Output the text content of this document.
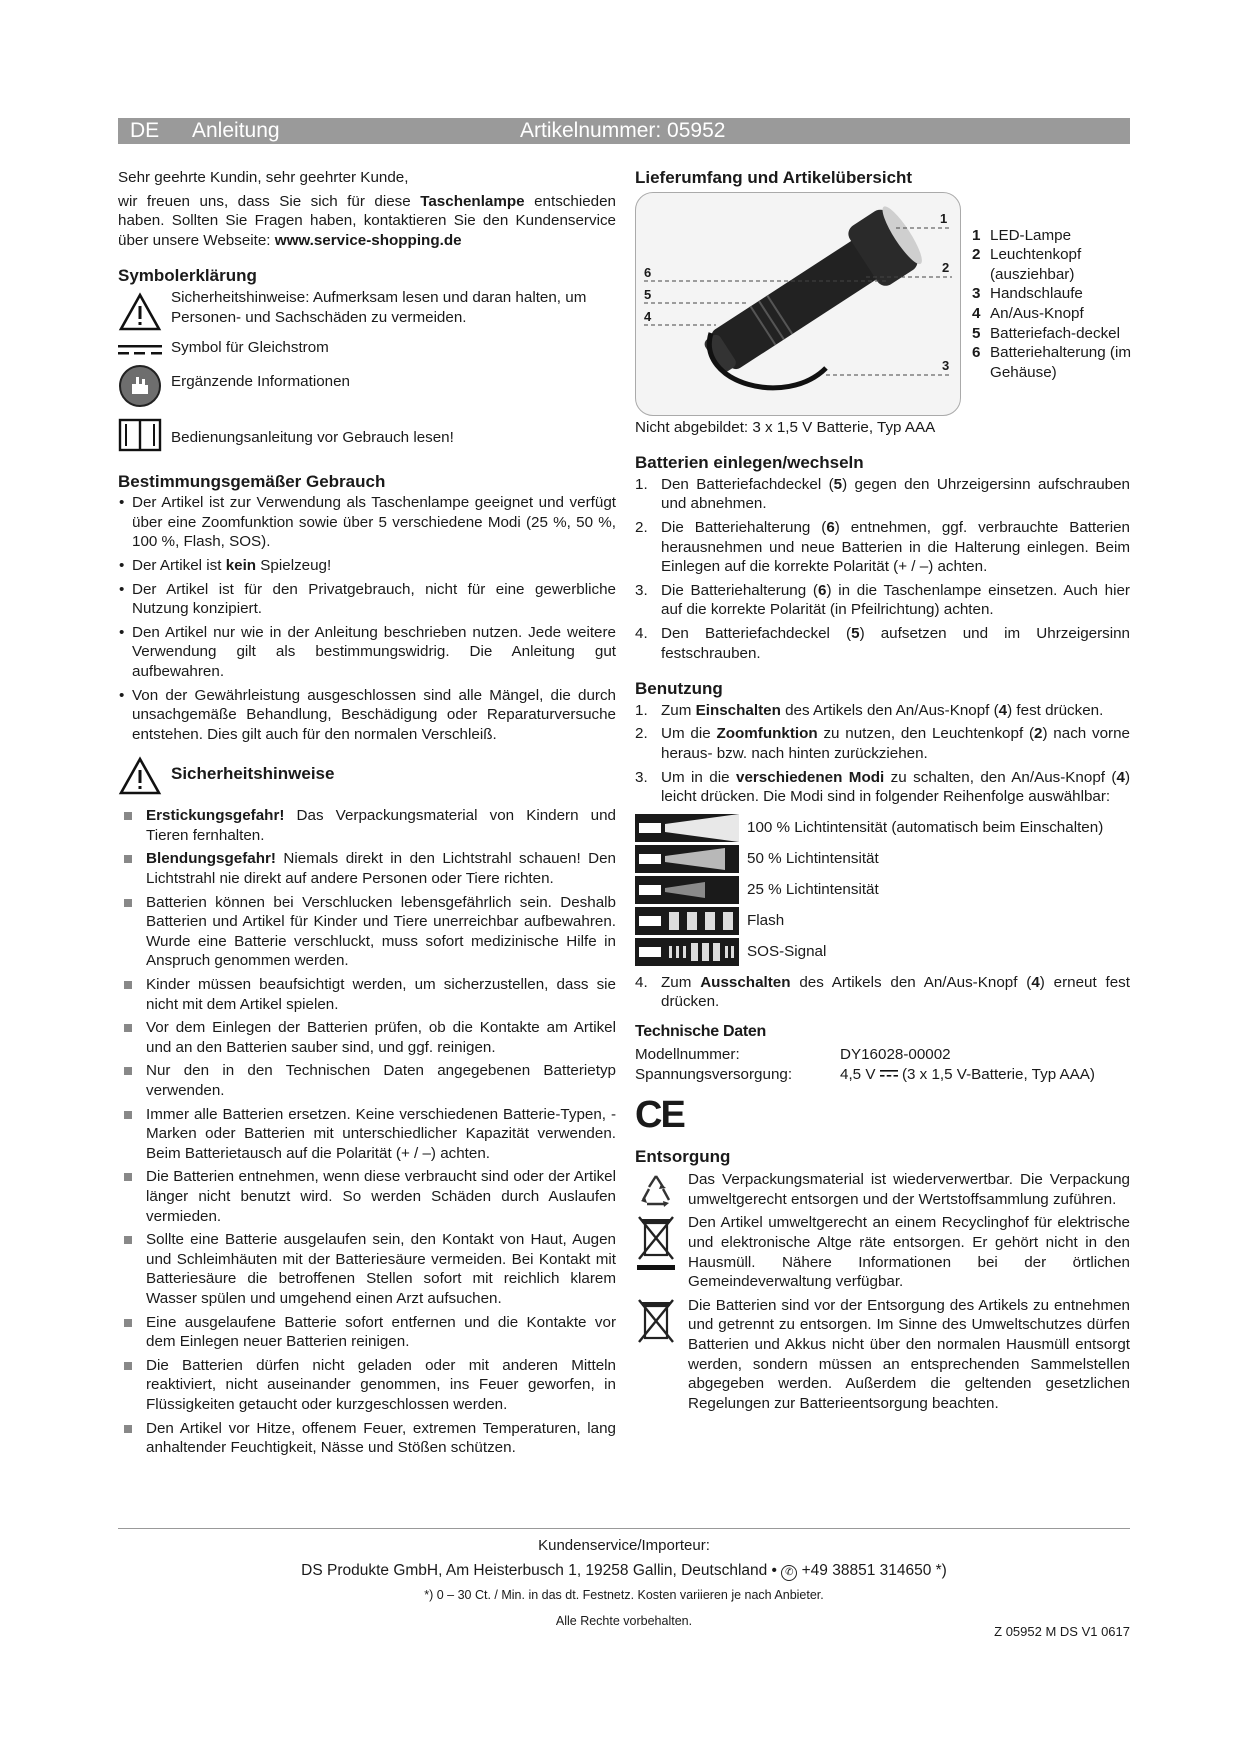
DE Anleitung	Artikelnummer: 05952

Sehr geehrte Kundin, sehr geehrter Kunde,

wir freuen uns, dass Sie sich für diese Taschenlampe entschieden haben. Sollten Sie Fragen haben, kontaktieren Sie den Kundenservice über unsere Webseite: www.service-shopping.de

Symbolerklärung

Sicherheitshinweise: Aufmerksam lesen und daran halten, um Personen- und Sachschäden zu vermeiden.

Symbol für Gleichstrom

Ergänzende Informationen

Bedienungsanleitung vor Gebrauch lesen!

Bestimmungsgemäßer Gebrauch
• Der Artikel ist zur Verwendung als Taschenlampe geeignet und verfügt über eine Zoomfunktion sowie über 5 verschiedene Modi (25 %, 50 %, 100 %, Flash, SOS).
• Der Artikel ist kein Spielzeug!
• Der Artikel ist für den Privatgebrauch, nicht für eine gewerbliche Nutzung konzipiert.
• Den Artikel nur wie in der Anleitung beschrieben nutzen. Jede weitere Verwendung gilt als bestimmungswidrig. Die Anleitung gut aufbewahren.
• Von der Gewährleistung ausgeschlossen sind alle Mängel, die durch unsachgemäße Behandlung, Beschädigung oder Reparaturversuche entstehen. Dies gilt auch für den normalen Verschleiß.
Sicherheitshinweise
Erstickungsgefahr! Das Verpackungsmaterial von Kindern und Tieren fernhalten.
Blendungsgefahr! Niemals direkt in den Lichtstrahl schauen! Den Lichtstrahl nie direkt auf andere Personen oder Tiere richten.
Batterien können bei Verschlucken lebensgefährlich sein. Deshalb Batterien und Artikel für Kinder und Tiere unerreichbar aufbewahren. Wurde eine Batterie verschluckt, muss sofort medizinische Hilfe in Anspruch genommen werden.
Kinder müssen beaufsichtigt werden, um sicherzustellen, dass sie nicht mit dem Artikel spielen.
Vor dem Einlegen der Batterien prüfen, ob die Kontakte am Artikel und an den Batterien sauber sind, und ggf. reinigen.
Nur den in den Technischen Daten angegebenen Batterietyp verwenden.
Immer alle Batterien ersetzen. Keine verschiedenen Batterie-Typen, -Marken oder Batterien mit unterschiedlicher Kapazität verwenden. Beim Batterietausch auf die Polarität (+ / –) achten.
Die Batterien entnehmen, wenn diese verbraucht sind oder der Artikel länger nicht benutzt wird. So werden Schäden durch Auslaufen vermieden.
Sollte eine Batterie ausgelaufen sein, den Kontakt von Haut, Augen und Schleimhäuten mit der Batteriesäure vermeiden. Bei Kontakt mit Batteriesäure die betroffenen Stellen sofort mit reichlich klarem Wasser spülen und umgehend einen Arzt aufsuchen.
Eine ausgelaufene Batterie sofort entfernen und die Kontakte vor dem Einlegen neuer Batterien reinigen.
Die Batterien dürfen nicht geladen oder mit anderen Mitteln reaktiviert, nicht auseinander genommen, ins Feuer geworfen, in Flüssigkeiten getaucht oder kurzgeschlossen werden.
Den Artikel vor Hitze, offenem Feuer, extremen Temperaturen, lang anhaltender Feuchtigkeit, Nässe und Stößen schützen.
Lieferumfang und Artikelübersicht
1
2
3
4
5
6
1 LED-Lampe
2 Leuchtenkopf (ausziehbar)
3 Handschlaufe
4 An/Aus-Knopf
5 Batteriefach-deckel
6 Batteriehalterung (im Gehäuse)

Nicht abgebildet: 3 x 1,5 V Batterie, Typ AAA

Batterien einlegen/wechseln
1. Den Batteriefachdeckel (5) gegen den Uhrzeigersinn aufschrauben und abnehmen.
2. Die Batteriehalterung (6) entnehmen, ggf. verbrauchte Batterien herausnehmen und neue Batterien in die Halterung einlegen. Beim Einlegen auf die korrekte Polarität (+ / –) achten.
3. Die Batteriehalterung (6) in die Taschenlampe einsetzen. Auch hier auf die korrekte Polarität (in Pfeilrichtung) achten.
4. Den Batteriefachdeckel (5) aufsetzen und im Uhrzeigersinn festschrauben.
Benutzung
1. Zum Einschalten des Artikels den An/Aus-Knopf (4) fest drücken.
2. Um die Zoomfunktion zu nutzen, den Leuchtenkopf (2) nach vorne heraus- bzw. nach hinten zurückziehen.
3. Um in die verschiedenen Modi zu schalten, den An/Aus-Knopf (4) leicht drücken. Die Modi sind in folgender Reihenfolge auswählbar:
100 % Lichtintensität (automatisch beim Einschalten)
50 % Lichtintensität
25 % Lichtintensität
Flash
SOS-Signal
4. Zum Ausschalten des Artikels den An/Aus-Knopf (4) erneut fest drücken.
Technische Daten
Modellnummer:	DY16028-00002
Spannungsversorgung:	4,5 V (3 x 1,5 V-Batterie, Typ AAA)
CE
Entsorgung

Das Verpackungsmaterial ist wiederverwertbar. Die Verpackung umweltgerecht entsorgen und der Wertstoffsammlung zuführen.

Den Artikel umweltgerecht an einem Recyclinghof für elektrische und elektronische Altge räte entsorgen. Er gehört nicht in den Hausmüll. Nähere Informationen bei der örtlichen Gemeindeverwaltung verfügbar.

Die Batterien sind vor der Entsorgung des Artikels zu entnehmen und getrennt zu entsorgen. Im Sinne des Umweltschutzes dürfen Batterien und Akkus nicht über den normalen Hausmüll entsorgt werden, sondern müssen an entsprechenden Sammelstellen abgegeben werden. Außerdem die geltenden gesetzlichen Regelungen zur Batterieentsorgung beachten.

Kundenservice/Importeur:
DS Produkte GmbH, Am Heisterbusch 1, 19258 Gallin, Deutschland • ✆ +49 38851 314650 *)
*) 0 – 30 Ct. / Min. in das dt. Festnetz. Kosten variieren je nach Anbieter.
Alle Rechte vorbehalten.
Z 05952 M DS V1 0617
